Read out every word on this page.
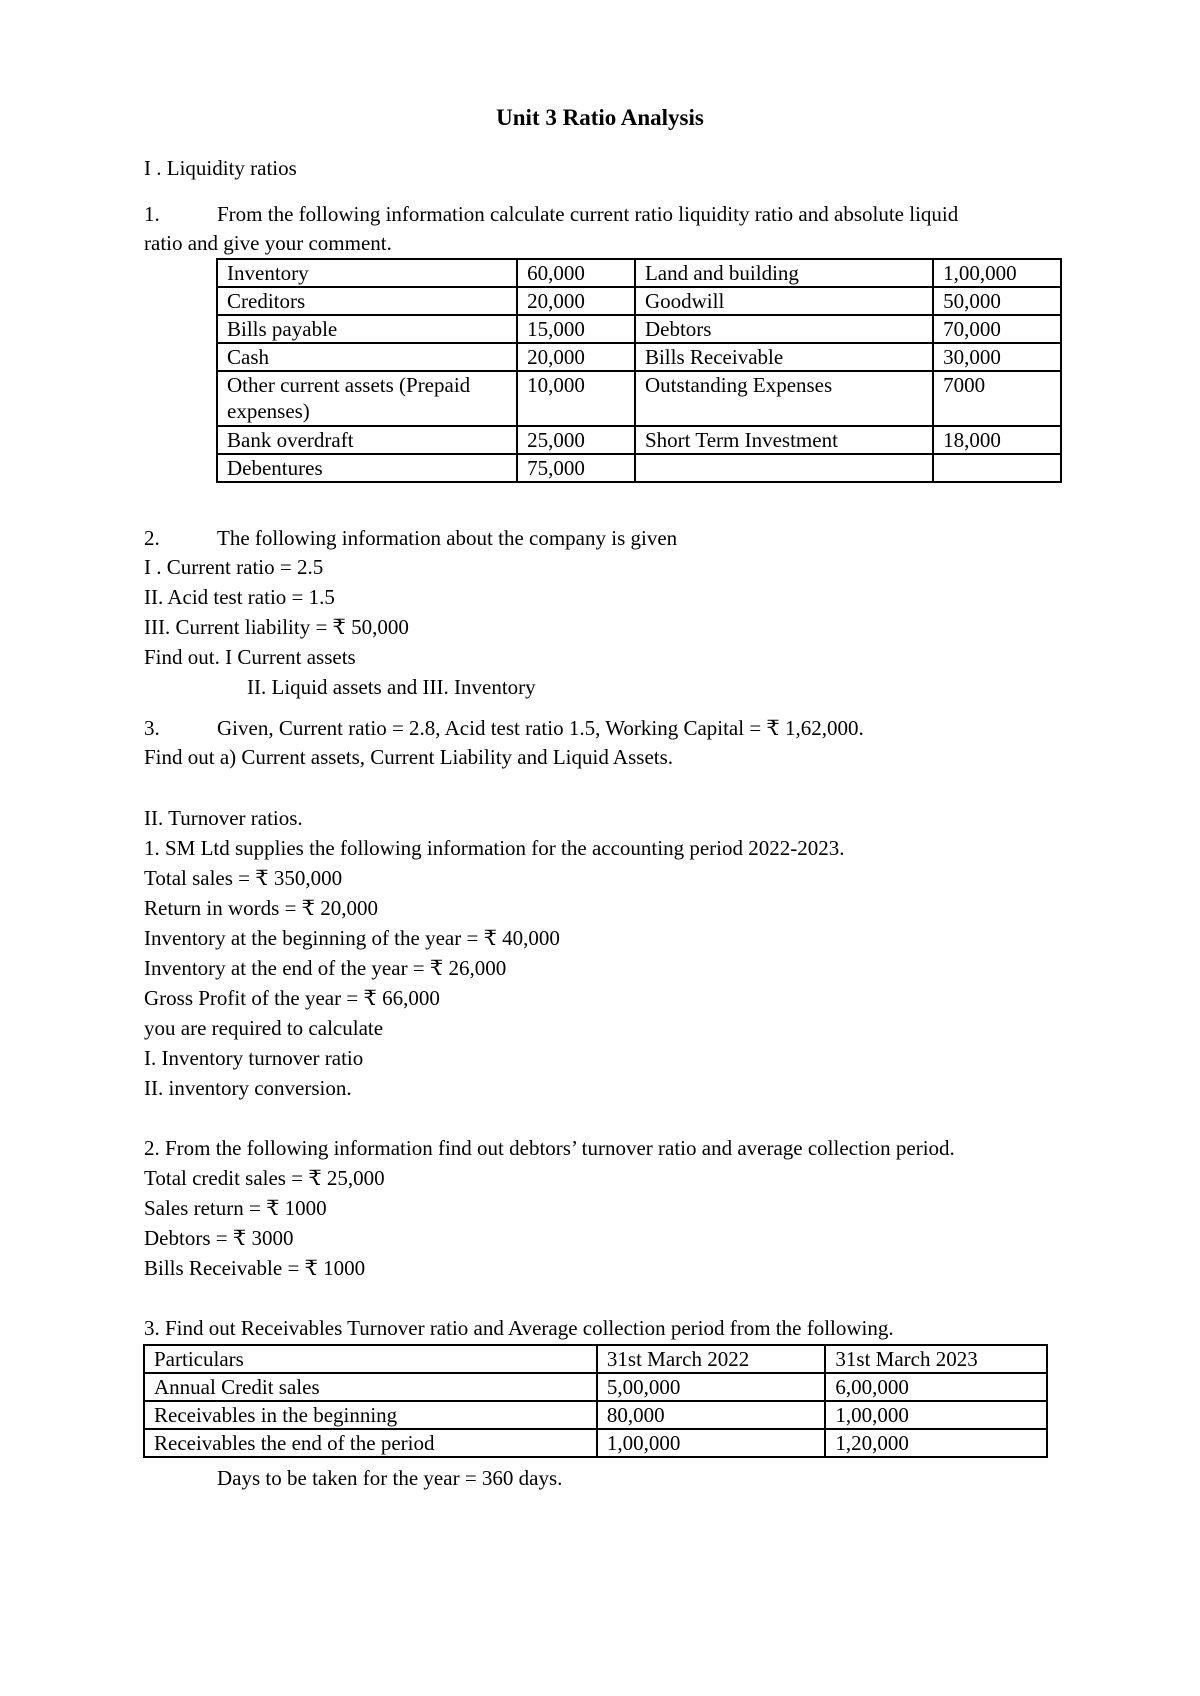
Unit 3 Ratio Analysis
I . Liquidity ratios
1.	From the following information calculate current ratio liquidity ratio and absolute liquid
ratio and give your comment.
Inventory	60,000	Land and building	1,00,000
Creditors	20,000	Goodwill	50,000
Bills payable	15,000	Debtors	70,000
Cash	20,000	Bills Receivable	30,000
Other current assets (Prepaid expenses)	10,000	Outstanding Expenses	7000
Bank overdraft	25,000	Short Term Investment	18,000
Debentures	75,000		
2.	The following information about the company is given
I . Current ratio = 2.5
II. Acid test ratio = 1.5
III. Current liability = ₹ 50,000
Find out. I Current assets
II. Liquid assets and III. Inventory
3.	Given, Current ratio = 2.8, Acid test ratio 1.5, Working Capital = ₹ 1,62,000.
Find out a) Current assets, Current Liability and Liquid Assets.
II. Turnover ratios.
1. SM Ltd supplies the following information for the accounting period 2022-2023.
Total sales = ₹ 350,000
Return in words = ₹ 20,000
Inventory at the beginning of the year = ₹ 40,000
Inventory at the end of the year = ₹ 26,000
Gross Profit of the year = ₹ 66,000
you are required to calculate
I. Inventory turnover ratio
II. inventory conversion.
2. From the following information find out debtors’ turnover ratio and average collection period.
Total credit sales = ₹ 25,000
Sales return = ₹ 1000
Debtors = ₹ 3000
Bills Receivable = ₹ 1000
3. Find out Receivables Turnover ratio and Average collection period from the following.
Particulars	31st March 2022	31st March 2023
Annual Credit sales	5,00,000	6,00,000
Receivables in the beginning	80,000	1,00,000
Receivables the end of the period	1,00,000	1,20,000
Days to be taken for the year = 360 days.
